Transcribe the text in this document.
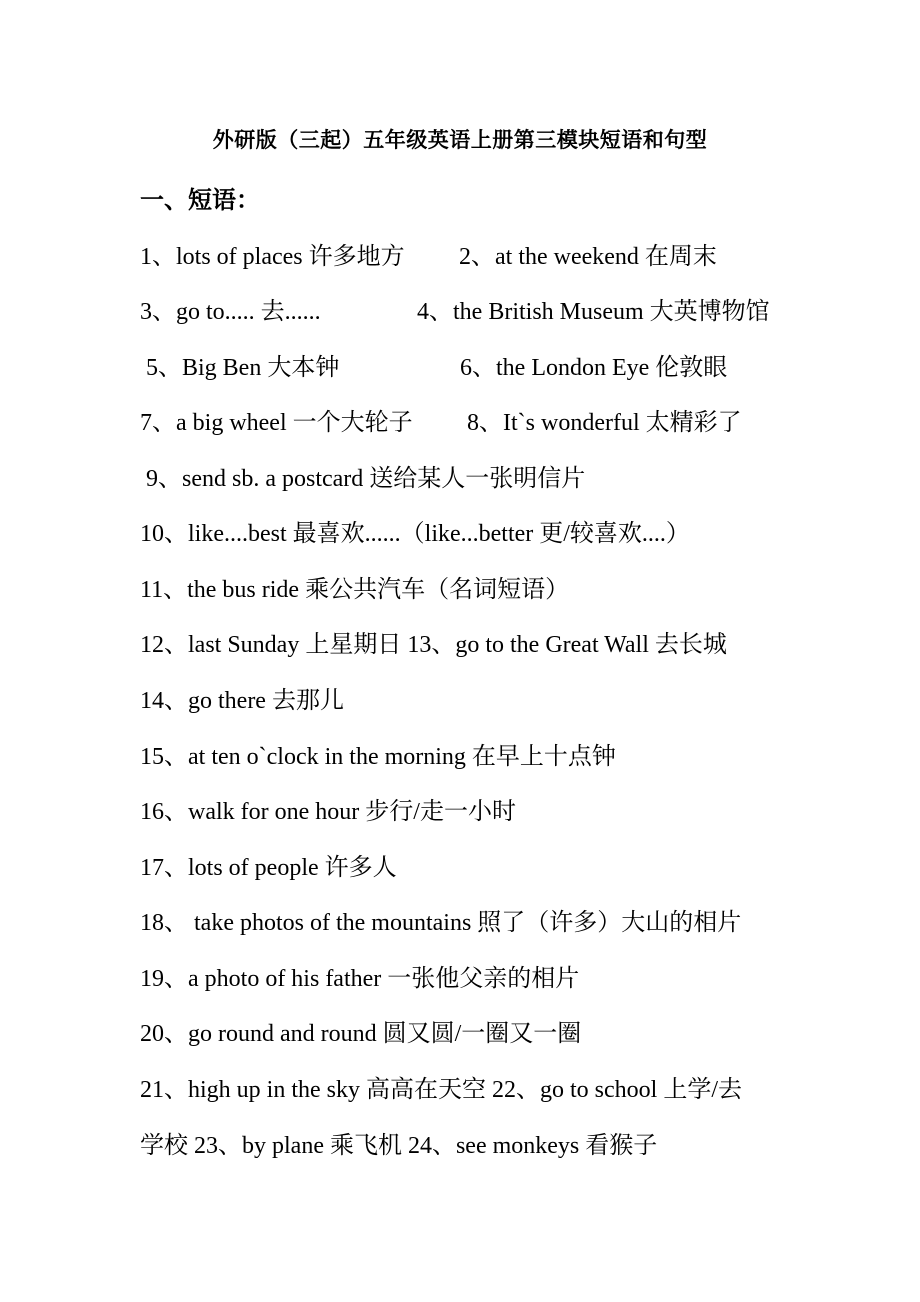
外研版（三起）五年级英语上册第三模块短语和句型
一、短语：
1、lots of places 许多地方 2、at the weekend 在周末
3、go to..... 去......	4、the British Museum 大英博物馆
5、Big Ben 大本钟	6、the London Eye 伦敦眼
7、a big wheel 一个大轮子 8、It`s wonderful 太精彩了
9、send sb. a postcard 送给某人一张明信片
10、like....best 最喜欢......（like...better 更/较喜欢....）
11、the bus ride 乘公共汽车（名词短语）
12、last Sunday 上星期日 13、go to the Great Wall 去长城
14、go there 去那儿
15、at ten o`clock in the morning 在早上十点钟
16、walk for one hour 步行/走一小时
17、lots of people 许多人
18、 take photos of the mountains 照了（许多）大山的相片
19、a photo of his father 一张他父亲的相片
20、go round and round 圆又圆/一圈又一圈
21、high up in the sky 高高在天空 22、go to school 上学/去
学校 23、by plane 乘飞机 24、see monkeys 看猴子
